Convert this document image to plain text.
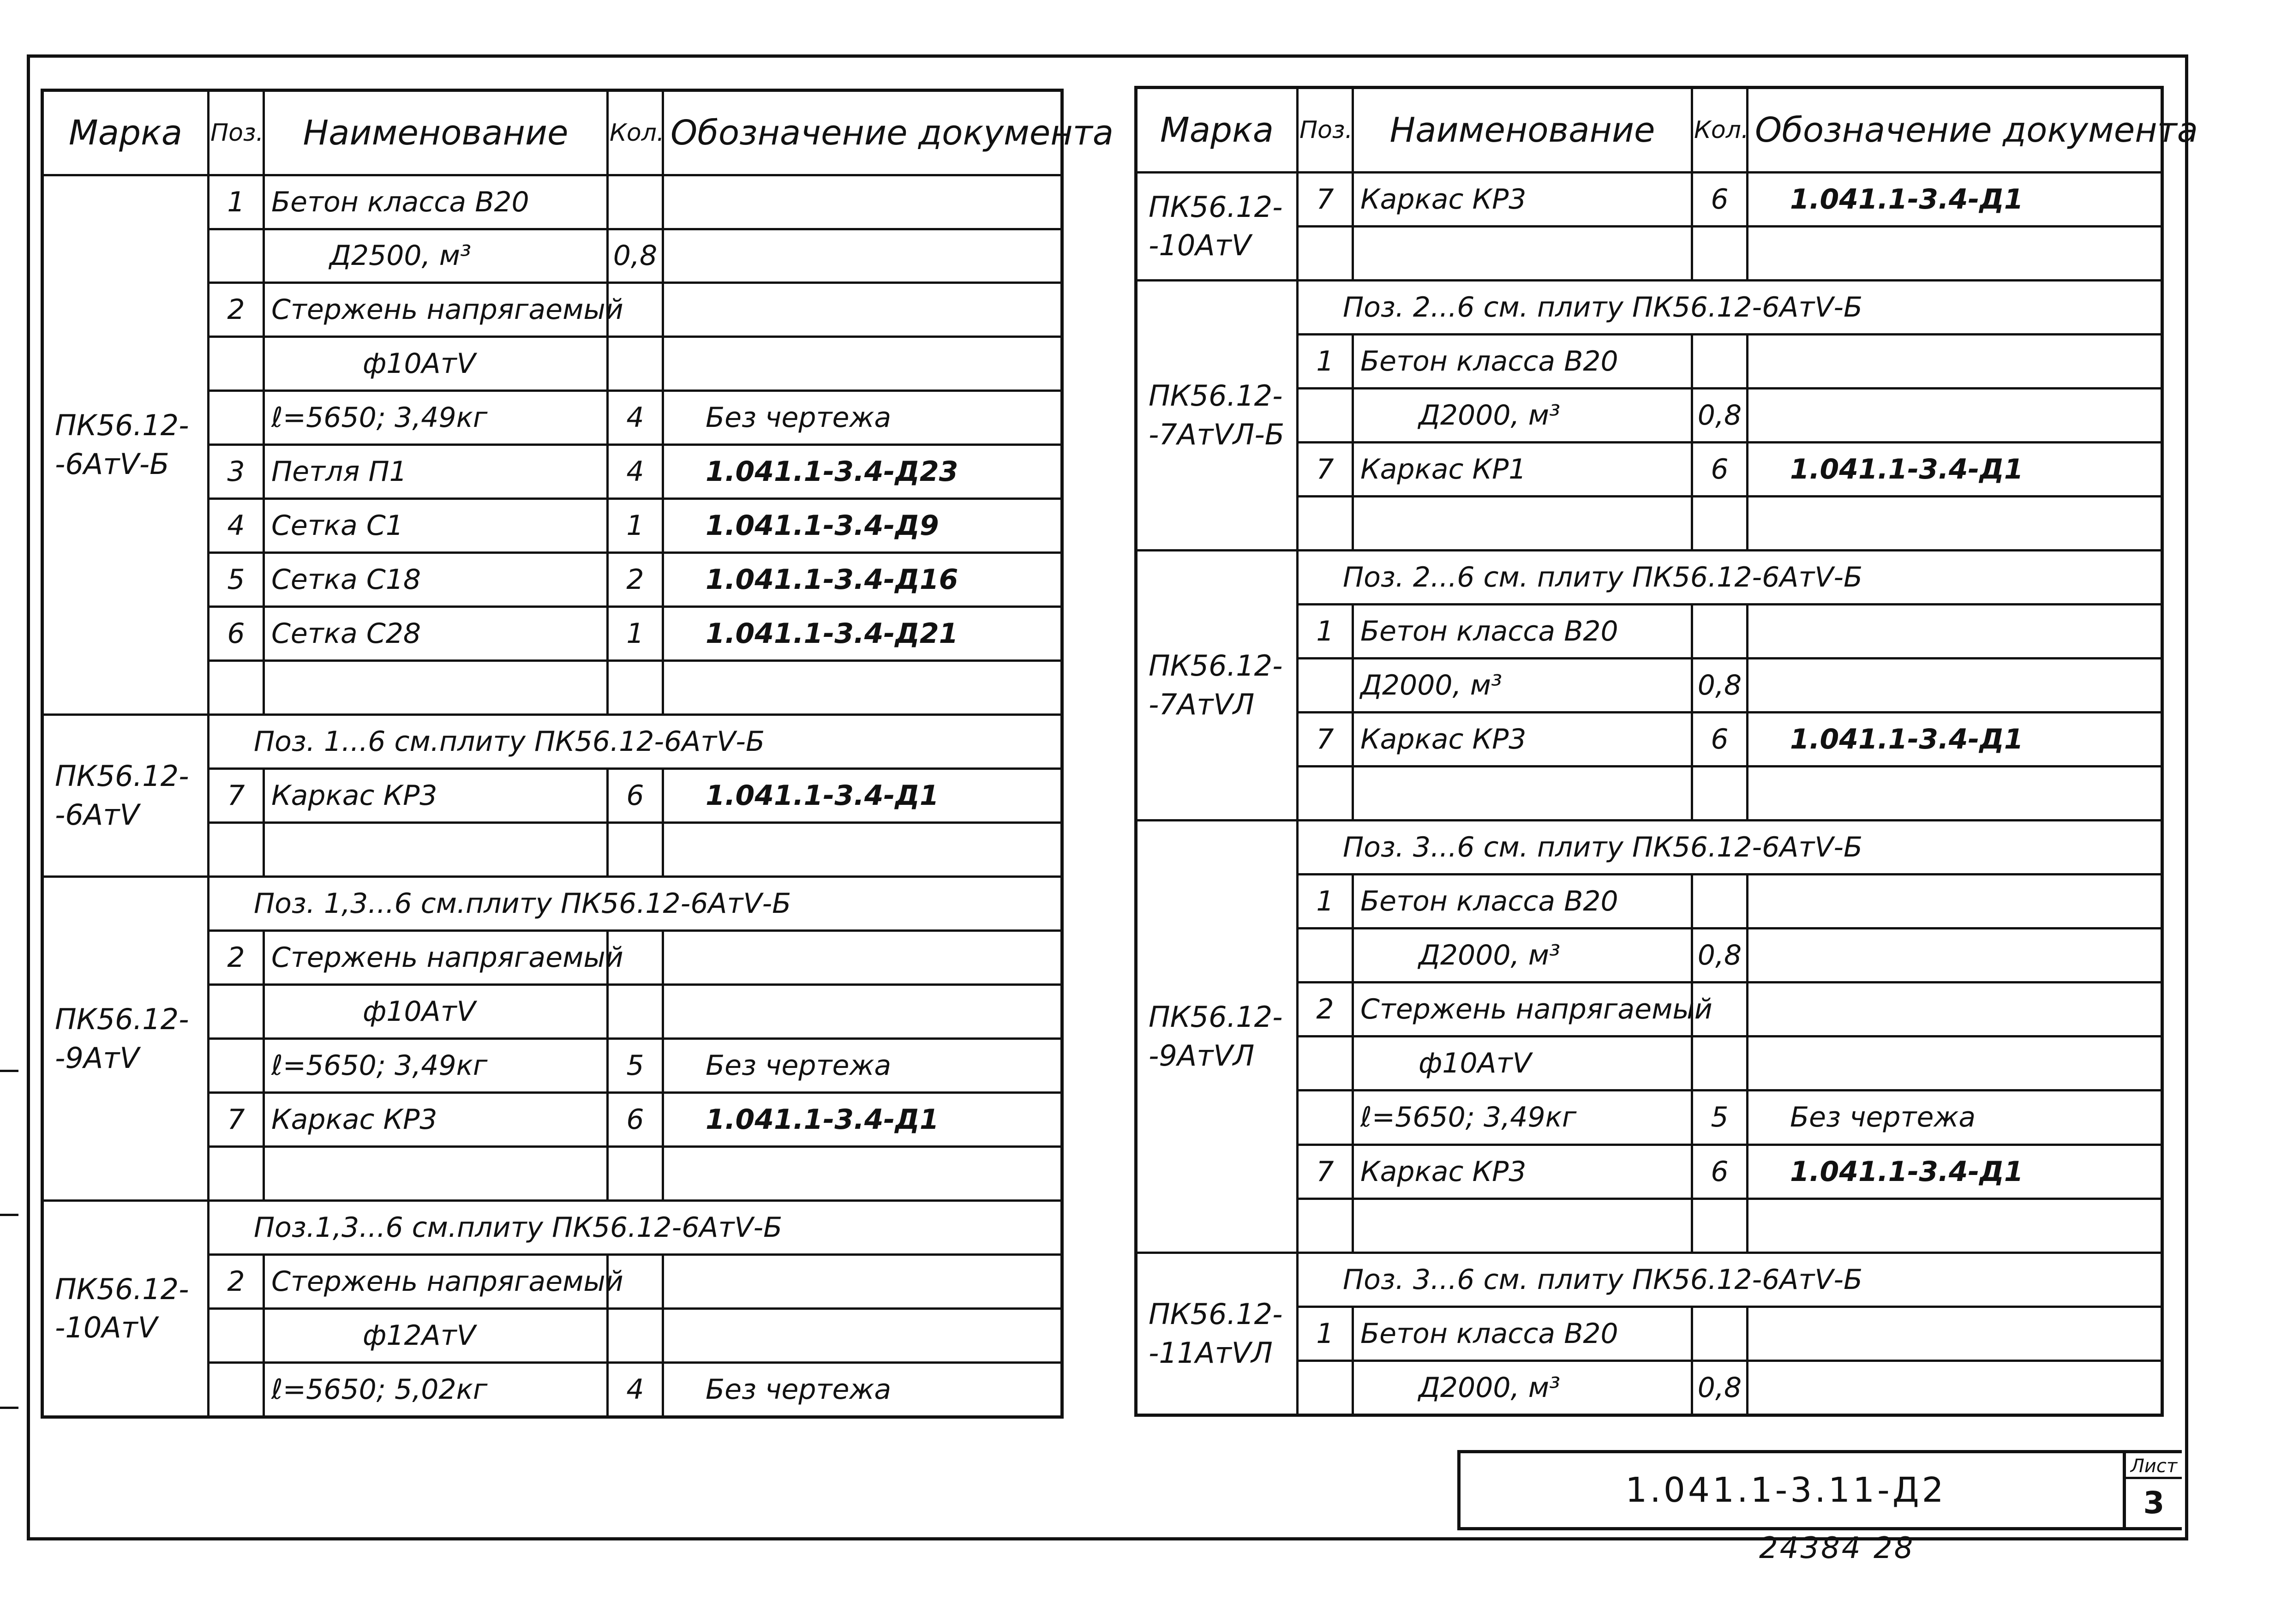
Марка	Поз.	Наименование	Кол.	Обозначение документа
ПК56.12--6АтⅤ-Б	1	Бетон класса В20		
		Д2500, м³	0,8	
	2	Стержень напрягаемый		
		ф10АтⅤ		
		ℓ=5650; 3,49кг	4	Без чертежа
	3	Петля П1	4	1.041.1-3.4-Д23
	4	Сетка С1	1	1.041.1-3.4-Д9
	5	Сетка С18	2	1.041.1-3.4-Д16
	6	Сетка С28	1	1.041.1-3.4-Д21

ПК56.12--6АтⅤ	Поз. 1...6 см.плиту ПК56.12-6АтⅤ-Б			
	7	Каркас КР3	6	1.041.1-3.4-Д1

ПК56.12--9АтⅤ	Поз. 1,3...6 см.плиту ПК56.12-6АтⅤ-Б			
	2	Стержень напрягаемый		
		ф10АтⅤ		
		ℓ=5650; 3,49кг	5	Без чертежа
	7	Каркас КР3	6	1.041.1-3.4-Д1

ПК56.12--10АтⅤ	Поз.1,3...6 см.плиту ПК56.12-6АтⅤ-Б			
	2	Стержень напрягаемый		
		ф12АтⅤ		
		ℓ=5650; 5,02кг	4	Без чертежа
Марка	Поз.	Наименование	Кол.	Обозначение документа
ПК56.12--10АтⅤ	7	Каркас КР3	6	1.041.1-3.4-Д1

ПК56.12--7АтⅤЛ-Б	Поз. 2...6 см. плиту ПК56.12-6АтⅤ-Б			
	1	Бетон класса В20		
		Д2000, м³	0,8	
	7	Каркас КР1	6	1.041.1-3.4-Д1

ПК56.12--7АтⅤЛ	Поз. 2...6 см. плиту ПК56.12-6АтⅤ-Б			
	1	Бетон класса В20		
		Д2000, м³	0,8	
	7	Каркас КР3	6	1.041.1-3.4-Д1

ПК56.12--9АтⅤЛ	Поз. 3...6 см. плиту ПК56.12-6АтⅤ-Б			
	1	Бетон класса В20		
		Д2000, м³	0,8	
	2	Стержень напрягаемый		
		ф10АтⅤ		
		ℓ=5650; 3,49кг	5	Без чертежа
	7	Каркас КР3	6	1.041.1-3.4-Д1

ПК56.12--11АтⅤЛ	Поз. 3...6 см. плиту ПК56.12-6АтⅤ-Б			
	1	Бетон класса В20		
		Д2000, м³	0,8	
1.041.1-3.11-Д2
Лист
3
24384 28
